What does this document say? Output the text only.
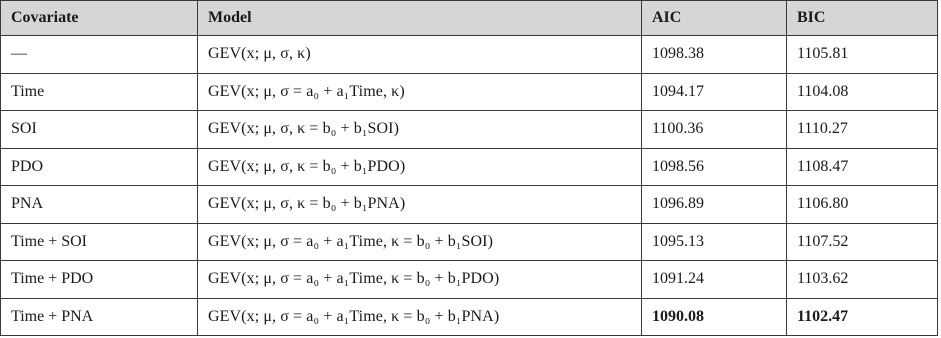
Covariate	Model	AIC	BIC
—	GEV(x; μ, σ, κ)	1098.38	1105.81
Time	GEV(x; μ, σ = a₀ + a₁Time, κ)	1094.17	1104.08
SOI	GEV(x; μ, σ, κ = b₀ + b₁SOI)	1100.36	1110.27
PDO	GEV(x; μ, σ, κ = b₀ + b₁PDO)	1098.56	1108.47
PNA	GEV(x; μ, σ, κ = b₀ + b₁PNA)	1096.89	1106.80
Time + SOI	GEV(x; μ, σ = a₀ + a₁Time, κ = b₀ + b₁SOI)	1095.13	1107.52
Time + PDO	GEV(x; μ, σ = a₀ + a₁Time, κ = b₀ + b₁PDO)	1091.24	1103.62
Time + PNA	GEV(x; μ, σ = a₀ + a₁Time, κ = b₀ + b₁PNA)	1090.08	1102.47
